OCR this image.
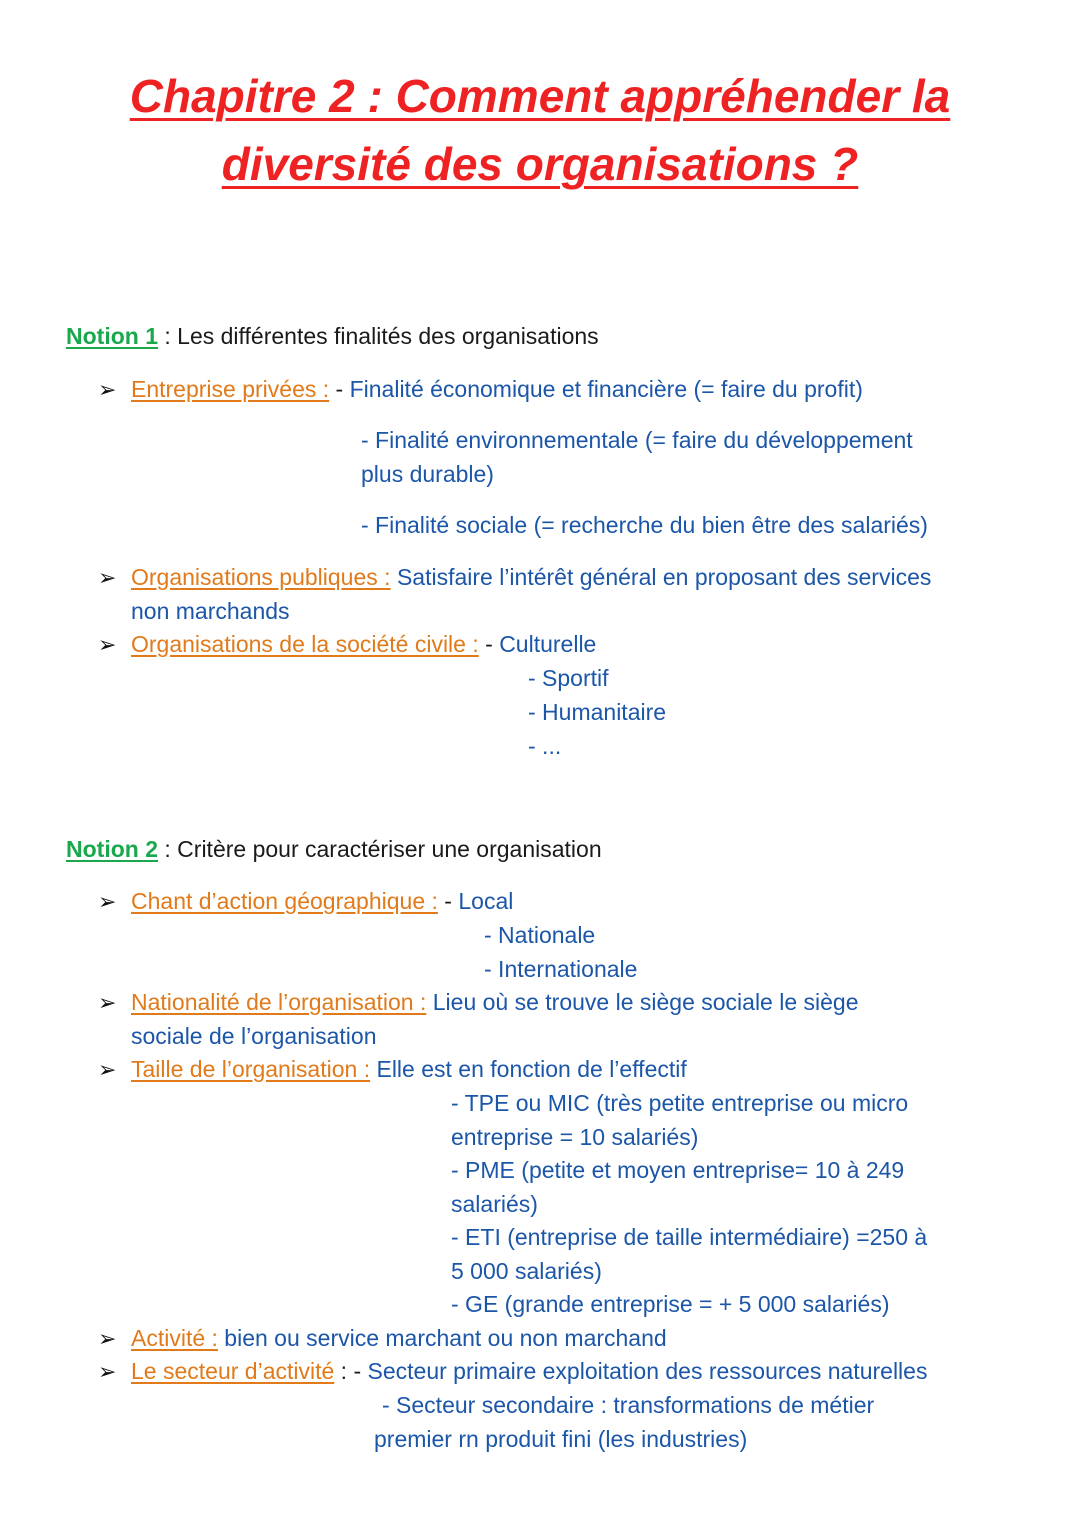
Chapitre 2 : Comment appréhender la
diversité des organisations ?
Notion 1 : Les différentes finalités des organisations
➢ Entreprise privées : - Finalité économique et financière (= faire du profit)
- Finalité environnementale (= faire du développement
plus durable)
- Finalité sociale (= recherche du bien être des salariés)
➢ Organisations publiques : Satisfaire l’intérêt général en proposant des services
non marchands
➢ Organisations de la société civile : - Culturelle
- Sportif
- Humanitaire
- ...
Notion 2 : Critère pour caractériser une organisation
➢ Chant d’action géographique : - Local
- Nationale
- Internationale
➢ Nationalité de l’organisation : Lieu où se trouve le siège sociale le siège
sociale de l’organisation
➢ Taille de l’organisation : Elle est en fonction de l’effectif
- TPE ou MIC (très petite entreprise ou micro
entreprise = 10 salariés)
- PME (petite et moyen entreprise= 10 à 249
salariés)
- ETI (entreprise de taille intermédiaire) =250 à
5 000 salariés)
- GE (grande entreprise = + 5 000 salariés)
➢ Activité : bien ou service marchant ou non marchand
➢ Le secteur d’activité : - Secteur primaire exploitation des ressources naturelles
- Secteur secondaire : transformations de métier
premier rn produit fini (les industries)
